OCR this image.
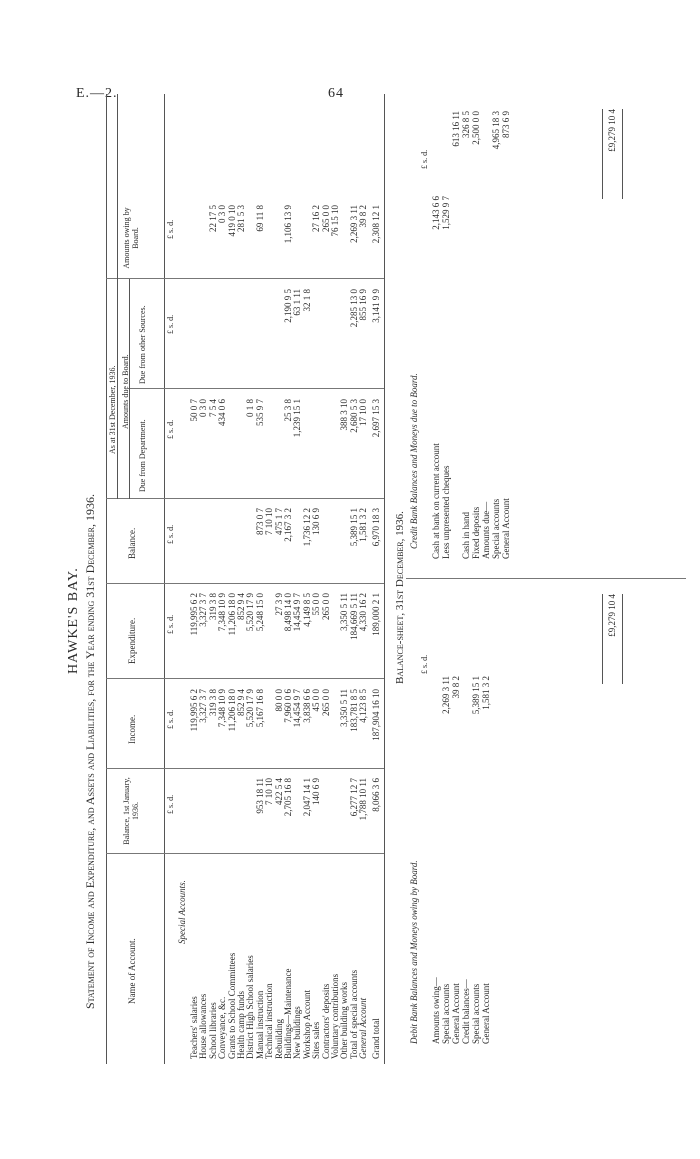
E.—2.	64
HAWKE'S BAY. Statement of Income and Expenditure, and Assets and Liabilities, for the Year ending 31st December, 1936.	Name of Account.
Balance, 1st January, 1936.
Income.
Expenditure.
Balance.
As at 31st December, 1936. Amounts due to Board.
Due from Department.
Due from other Sources.
Amounts owing by Board.
£ s. d.
£ s. d.
£ s. d.
£ s. d.
£ s. d.
£ s. d.
£ s. d.
Special Accounts.
Teachers' salaries
119,995 6 2
119,995 6 2
50 0 7
House allowances
3,327 3 7
3,327 3 7
0 3 0
School libraries
319 3 8
319 3 8
7 5 4
22 17 5
Conveyance, &c.
7,348 10 9
7,348 10 9
434 0 6
0 3 0
Grants to School Committees
11,206 18 0
11,206 18 0
419 0 10
Health camp funds
852 9 4
852 9 4
281 5 3
District High School salaries
5,520 17 9
5,520 17 9
0 1 8
Manual instruction
953 18 11
5,167 16 8
5,248 15 0
873 0 7
535 9 7
69 11 8
Technical instruction
7 10 10
7 10 10
Rebuilding
422 5 4
80 0 0
27 3 9
475 1 7
Buildings—Maintenance
2,705 16 8
7,960 0 6
8,498 14 0
2,167 3 2
25 3 8
2,190 9 5
1,106 13 9
New buildings
14,454 9 7
14,454 9 7
1,239 15 1
63 1 11
Workshop Account
2,047 14 1
3,838 6 6
4,149 8 5
1,736 12 2
32 1 8
Sites sales
140 6 9
45 0 0
55 0 0
130 6 9
27 16 2
Contractors' deposits
265 0 0
265 0 0
265 0 0
Voluntary contributions
76 15 10
Other building works
3,350 5 11
3,350 5 11
388 3 10
Total of special accounts
6,277 12 7
183,781 8 5
184,669 5 11
5,389 15 1
2,680 5 3
2,285 13 0
2,269 3 11
General Account
1,788 10 11
4,123 8 5
4,330 16 2
1,581 3 2
17 10 0
855 16 9
39 8 2
Grand total
8,066 3 6
187,904 16 10
189,000 2 1
6,970 18 3
2,697 15 3
3,141 9 9
2,308 12 1
Balance-sheet, 31st December, 1936.
Debit Bank Balances and Moneys owing by Board.
Credit Bank Balances and Moneys due to Board.
£ s. d.
£ s. d.
Amounts owing— Special accounts
2,269 3 11
General Account
39 8 2
Credit balances— Special accounts
5,389 15 1
General Account
1,581 3 2
Cash at bank on current account
2,143 6 6
Less unpresented cheques
1,529 9 7
613 16 11
Cash in hand
326 8 5
Fixed deposits
2,500 0 0
Amounts due— Special accounts
4,965 18 3
General Account
873 6 9
£9,279 10 4
£9,279 10 4
